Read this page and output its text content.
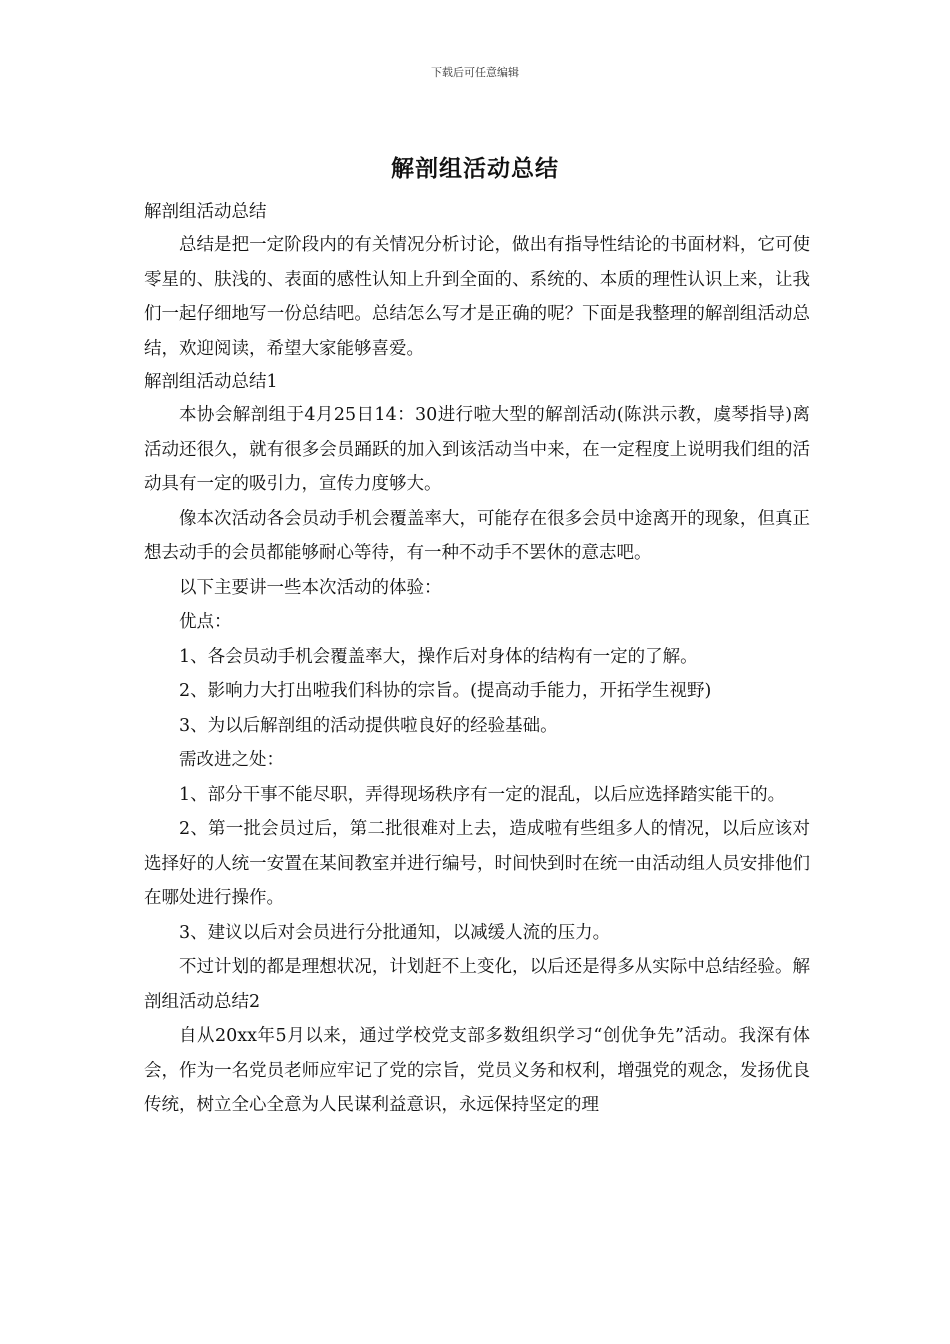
下载后可任意编辑
解剖组活动总结

解剖组活动总结

总结是把一定阶段内的有关情况分析讨论，做出有指导性结论的书面材料，它可使零星的、肤浅的、表面的感性认知上升到全面的、系统的、本质的理性认识上来，让我们一起仔细地写一份总结吧。总结怎么写才是正确的呢？下面是我整理的解剖组活动总结，欢迎阅读，希望大家能够喜爱。

解剖组活动总结1

本协会解剖组于4月25日14：30进行啦大型的解剖活动(陈洪示教，虞琴指导)离活动还很久，就有很多会员踊跃的加入到该活动当中来，在一定程度上说明我们组的活动具有一定的吸引力，宣传力度够大。

像本次活动各会员动手机会覆盖率大，可能存在很多会员中途离开的现象，但真正想去动手的会员都能够耐心等待，有一种不动手不罢休的意志吧。

以下主要讲一些本次活动的体验：

优点：

1、各会员动手机会覆盖率大，操作后对身体的结构有一定的了解。

2、影响力大打出啦我们科协的宗旨。(提高动手能力，开拓学生视野)

3、为以后解剖组的活动提供啦良好的经验基础。

需改进之处：

1、部分干事不能尽职，弄得现场秩序有一定的混乱，以后应选择踏实能干的。

2、第一批会员过后，第二批很难对上去，造成啦有些组多人的情况，以后应该对选择好的人统一安置在某间教室并进行编号，时间快到时在统一由活动组人员安排他们在哪处进行操作。

3、建议以后对会员进行分批通知，以减缓人流的压力。

不过计划的都是理想状况，计划赶不上变化，以后还是得多从实际中总结经验。解剖组活动总结2

自从20xx年5月以来，通过学校党支部多数组织学习“创优争先”活动。我深有体会，作为一名党员老师应牢记了党的宗旨，党员义务和权利，增强党的观念，发扬优良传统，树立全心全意为人民谋利益意识，永远保持坚定的理
